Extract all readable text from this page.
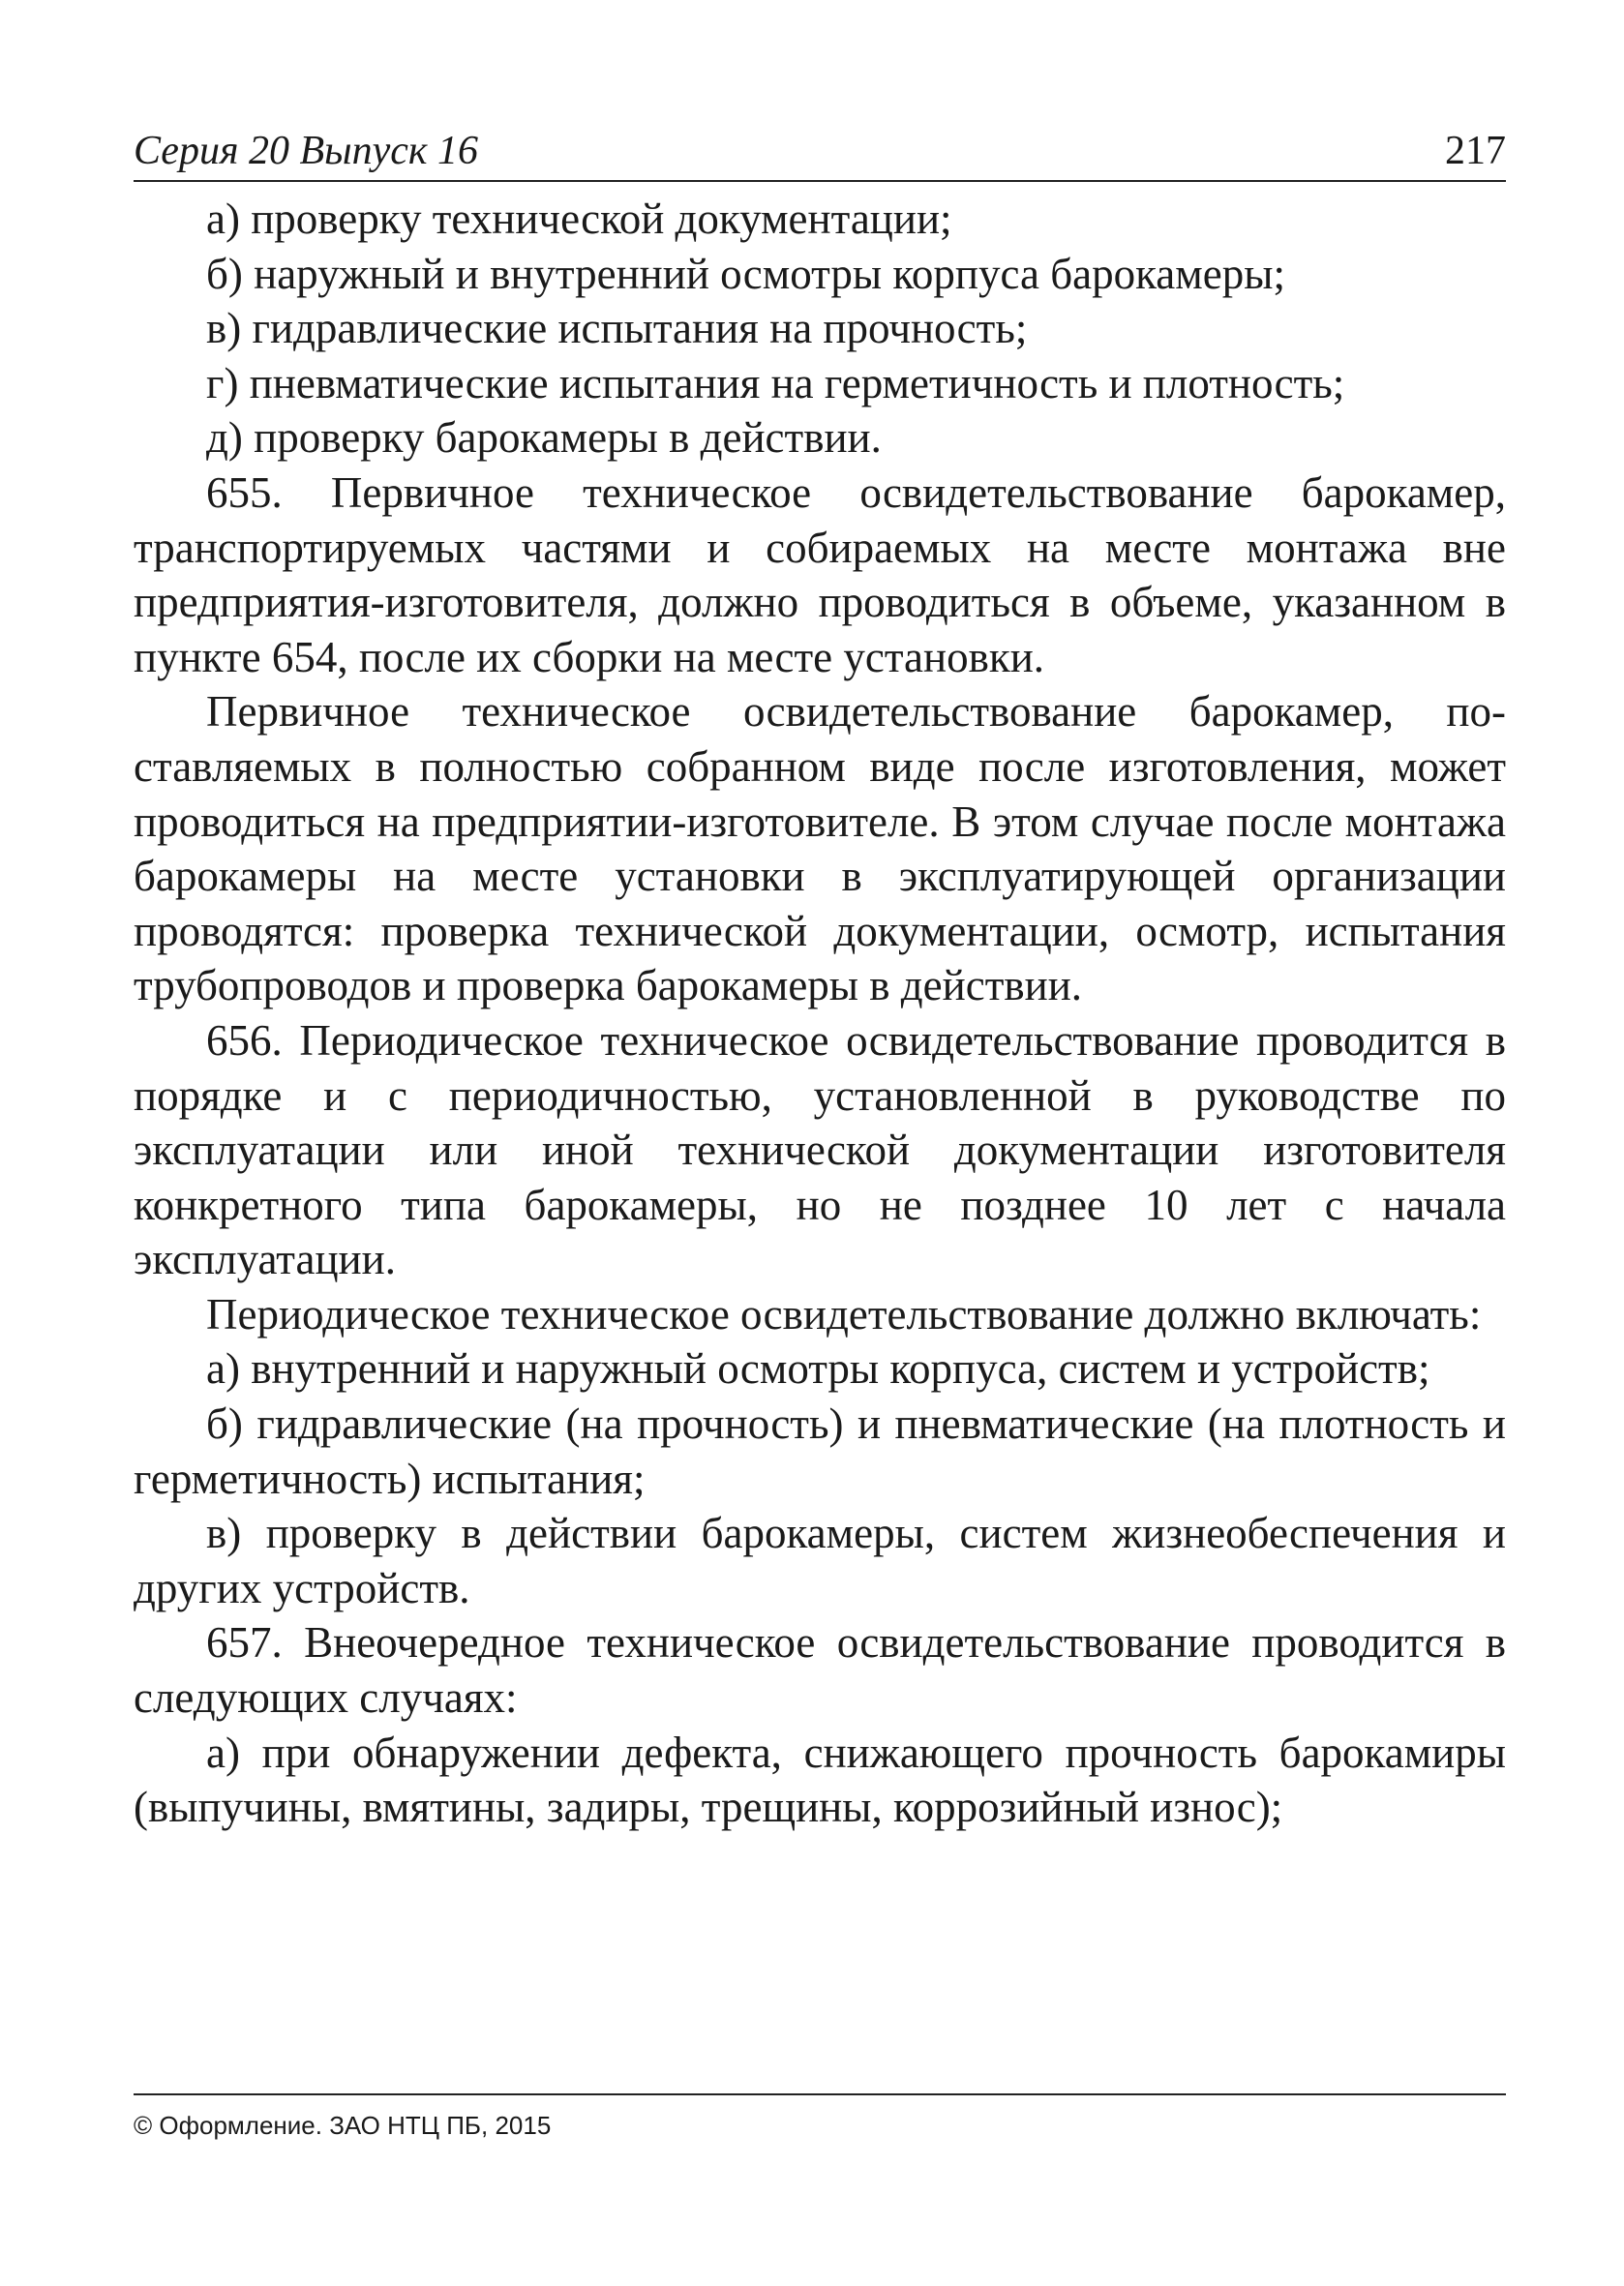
Серия 20 Выпуск 16	217

а) проверку технической документации;

б) наружный и внутренний осмотры корпуса барокамеры;

в) гидравлические испытания на прочность;

г) пневматические испытания на герметичность и плотность;

д) проверку барокамеры в действии.

655. Первичное техническое освидетельствование барокамер, транспортируемых частями и собираемых на месте монтажа вне предприятия-изготовителя, должно проводиться в объеме, указанном в пункте 654, после их сборки на месте установки.

Первичное техническое освидетельствование барокамер, поставляемых в полностью собранном виде после изготовления, может проводиться на предприятии-изготовителе. В этом случае после монтажа барокамеры на месте установки в эксплуатирующей организации проводятся: проверка технической документации, осмотр, испытания трубопроводов и проверка барокамеры в действии.

656. Периодическое техническое освидетельствование проводится в порядке и с периодичностью, установленной в руководстве по эксплуатации или иной технической документации изготовителя конкретного типа барокамеры, но не позднее 10 лет с начала эксплуатации.

Периодическое техническое освидетельствование должно включать:

а) внутренний и наружный осмотры корпуса, систем и устройств;

б) гидравлические (на прочность) и пневматические (на плотность и герметичность) испытания;

в) проверку в действии барокамеры, систем жизнеобеспечения и других устройств.

657. Внеочередное техническое освидетельствование проводится в следующих случаях:

а) при обнаружении дефекта, снижающего прочность барокамиры (выпучины, вмятины, задиры, трещины, коррозийный износ);

© Оформление. ЗАО НТЦ ПБ, 2015
